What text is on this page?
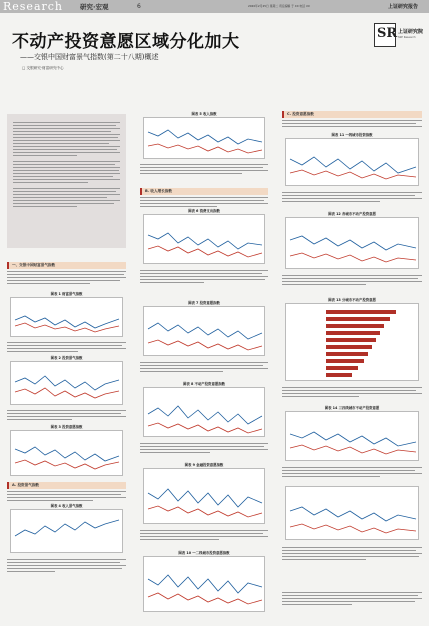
Research	研究·宏观	6	2020年2月25日 星期二 责任编辑 于 XX 电话 XX	上证研究报告
不动产投资意愿区域分化加大
——交银中国财富景气指数(第二十八期)概述
□ 交银研究·财富研究中心
SR 上证研究院
SSE Research
一、交银中国财富景气指数
图表 1 财富景气指数
图表 2 投资景气指数
图表 3 投资意愿指数
A. 投资景气指数
图表 4 收入景气指数
图表 5 收入指数
B. 收入增长指数
图表 6 消费支出指数
图表 7 投资意愿指数
图表 8 不动产投资意愿指数
图表 9 金融投资意愿指数
图表 10 一二线城市投资意愿指数
C. 投资意愿指数
图表 11 一线城市投资指数
图表 12 各城市不动产投资意愿
图表 13 分城市不动产投资意愿
图表 14 三四线城市不动产投资意愿
